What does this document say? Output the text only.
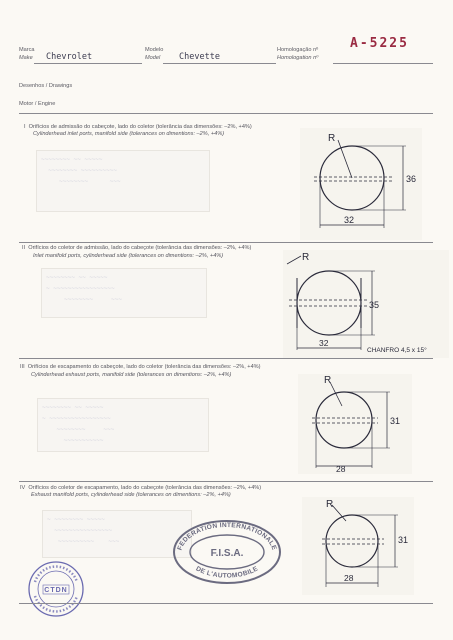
Marca
Make Chevrolet
Modelo
Model Chevette
Homologação nº
Homologation nº
A-5225
Desenhos / Drawings
Motor / Engine
I Orifícios de admissão do cabeçote, lado do coletor (tolerância das dimensões: –2%, +4%)
Cylinderhead inlet ports, manifold side (tolerances on dimentions: –2%, +4%)
~~~~~~~~ ~~ ~~~~~
~~~~~~~~ ~~~~~~~~~~
~~~~~~~~      ~~~
R
36
32
II Orifícios do coletor de admissão, lado do cabeçote (tolerância das dimensões: –2%, +4%)
Inlet manifold ports, cylinderhead side (tolerances on dimentions: –2%, +4%)
~~~~~~~~ ~~ ~~~~~
~ ~~~~~~~~~~~~~~~~~
~~~~~~~~     ~~~
R
35
32
CHANFRO 4,5 x 15°
III Orifícios de escapamento do cabeçote, lado do coletor (tolerância das dimensões: –2%, +4%)
Cylinderhead exhaust ports, manifold side (tolerances on dimentions: –2%, +4%)
~~~~~~~~ ~~ ~~~~~
~ ~~~~~~~~~~~~~~~~~
~~~~~~~~     ~~~
~~~~~~~~~~~
R
31
28
IV Orifícios do coletor de escapamento, lado do cabeçote (tolerância das dimensões: –2%, +4%)
Exhaust manifold ports, cylinderhead side (tolerances on dimentions: –2%, +4%)
~ ~~~~~~~~ ~~~~~
~~~~~~~~~~~~~~~~
~~~~~~~~~~    ~~~
R
31
28
FEDERATION INTERNATIONALE
DE L'AUTOMOBILE
F.I.S.A.
CTDN
